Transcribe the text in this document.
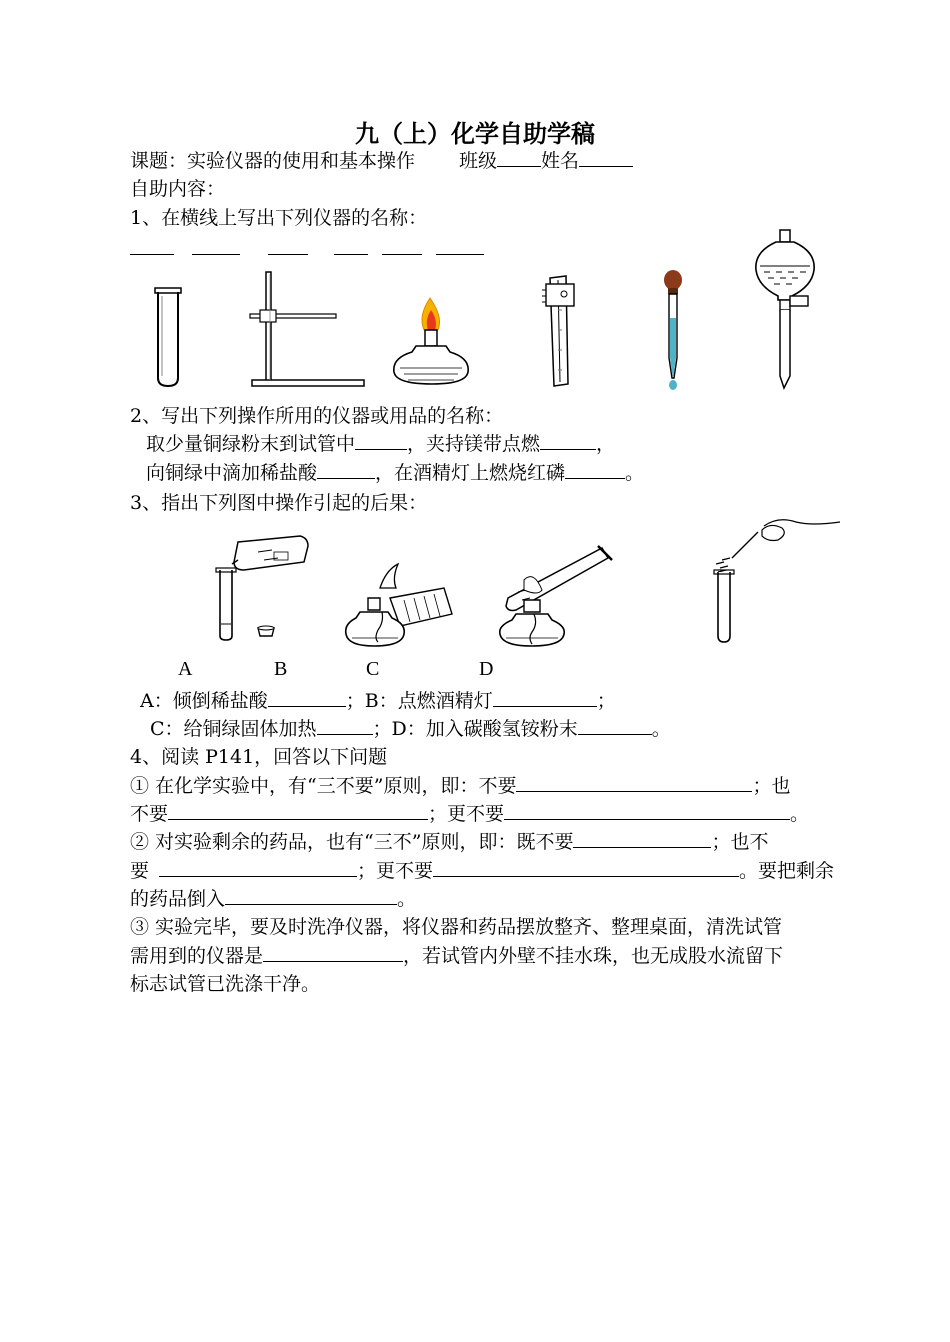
九（上）化学自助学稿
课题：实验仪器的使用和基本操作 班级 姓名
自助内容：
1、在横线上写出下列仪器的名称：
2、写出下列操作所用的仪器或用品的名称：
取少量铜绿粉末到试管中	，夹持镁带点燃	，
向铜绿中滴加稀盐酸	，在酒精灯上燃烧红磷	。
3、指出下列图中操作引起的后果：
A	B	C	D
A：倾倒稀盐酸	；B：点燃酒精灯	；
C：给铜绿固体加热	；D：加入碳酸氢铵粉末	。
4、阅读 P141，回答以下问题
① 在化学实验中，有“三不要”原则，即：不要	；也
不要	；更不要	。
② 对实验剩余的药品，也有“三不”原则，即：既不要	；也不
要	；更不要	。要把剩余
的药品倒入	。
③ 实验完毕，要及时洗净仪器，将仪器和药品摆放整齐、整理桌面，清洗试管
需用到的仪器是	，若试管内外壁不挂水珠，也无成股水流留下
标志试管已洗涤干净。
